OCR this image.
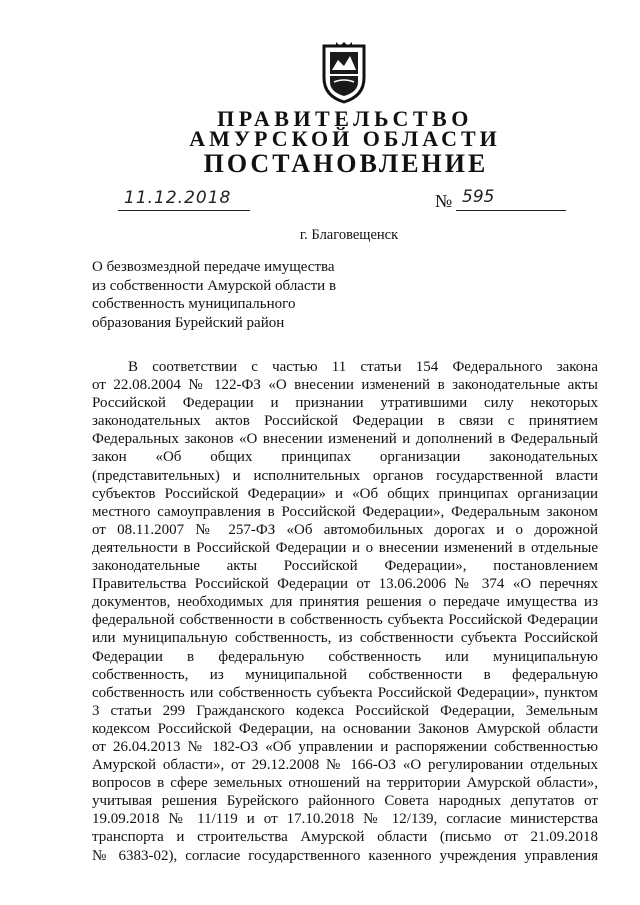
ПРАВИТЕЛЬСТВО
АМУРСКОЙ ОБЛАСТИ
ПОСТАНОВЛЕНИЕ
11.12.2018	№ 595
г. Благовещенск
О безвозмездной передаче имущества
из собственности Амурской области в
собственность муниципального
образования Бурейский район
В соответствии с частью 11 статьи 154 Федерального закона
от 22.08.2004 № 122-ФЗ «О внесении изменений в законодательные акты
Российской Федерации и признании утратившими силу некоторых
законодательных актов Российской Федерации в связи с принятием
Федеральных законов «О внесении изменений и дополнений в Федеральный
закон «Об общих принципах организации законодательных
(представительных) и исполнительных органов государственной власти
субъектов Российской Федерации» и «Об общих принципах организации
местного самоуправления в Российской Федерации», Федеральным законом
от 08.11.2007 № 257-ФЗ «Об автомобильных дорогах и о дорожной
деятельности в Российской Федерации и о внесении изменений в отдельные
законодательные акты Российской Федерации», постановлением
Правительства Российской Федерации от 13.06.2006 № 374 «О перечнях
документов, необходимых для принятия решения о передаче имущества из
федеральной собственности в собственность субъекта Российской Федерации
или муниципальную собственность, из собственности субъекта Российской
Федерации в федеральную собственность или муниципальную
собственность, из муниципальной собственности в федеральную
собственность или собственность субъекта Российской Федерации», пунктом
3 статьи 299 Гражданского кодекса Российской Федерации, Земельным
кодексом Российской Федерации, на основании Законов Амурской области
от 26.04.2013 № 182-ОЗ «Об управлении и распоряжении собственностью
Амурской области», от 29.12.2008 № 166-ОЗ «О регулировании отдельных
вопросов в сфере земельных отношений на территории Амурской области»,
учитывая решения Бурейского районного Совета народных депутатов от
19.09.2018 № 11/119 и от 17.10.2018 № 12/139, согласие министерства
транспорта и строительства Амурской области (письмо от 21.09.2018
№ 6383-02), согласие государственного казенного учреждения управления
